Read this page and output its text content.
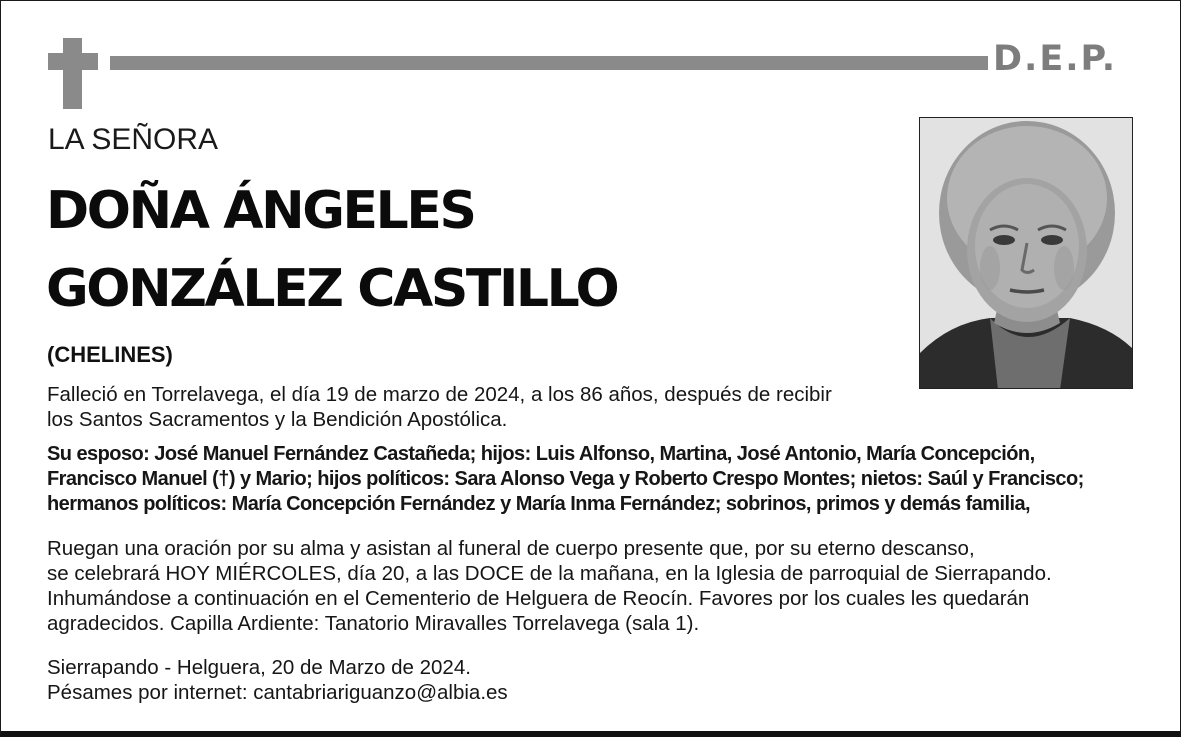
D.E.P.
LA SEÑORA
DOÑA ÁNGELES
GONZÁLEZ CASTILLO
(CHELINES)
Falleció en Torrelavega, el día 19 de marzo de 2024, a los 86 años, después de recibir
los Santos Sacramentos y la Bendición Apostólica.
Su esposo: José Manuel Fernández Castañeda; hijos: Luis Alfonso, Martina, José Antonio, María Concepción,
Francisco Manuel (†) y Mario; hijos políticos: Sara Alonso Vega y Roberto Crespo Montes; nietos: Saúl y Francisco;
hermanos políticos: María Concepción Fernández y María Inma Fernández; sobrinos, primos y demás familia,
Ruegan una oración por su alma y asistan al funeral de cuerpo presente que, por su eterno descanso,
se celebrará HOY MIÉRCOLES, día 20, a las DOCE de la mañana, en la Iglesia de parroquial de Sierrapando.
Inhumándose a continuación en el Cementerio de Helguera de Reocín. Favores por los cuales les quedarán
agradecidos. Capilla Ardiente: Tanatorio Miravalles Torrelavega (sala 1).
Sierrapando - Helguera, 20 de Marzo de 2024.
Pésames por internet: cantabriariguanzo@albia.es
